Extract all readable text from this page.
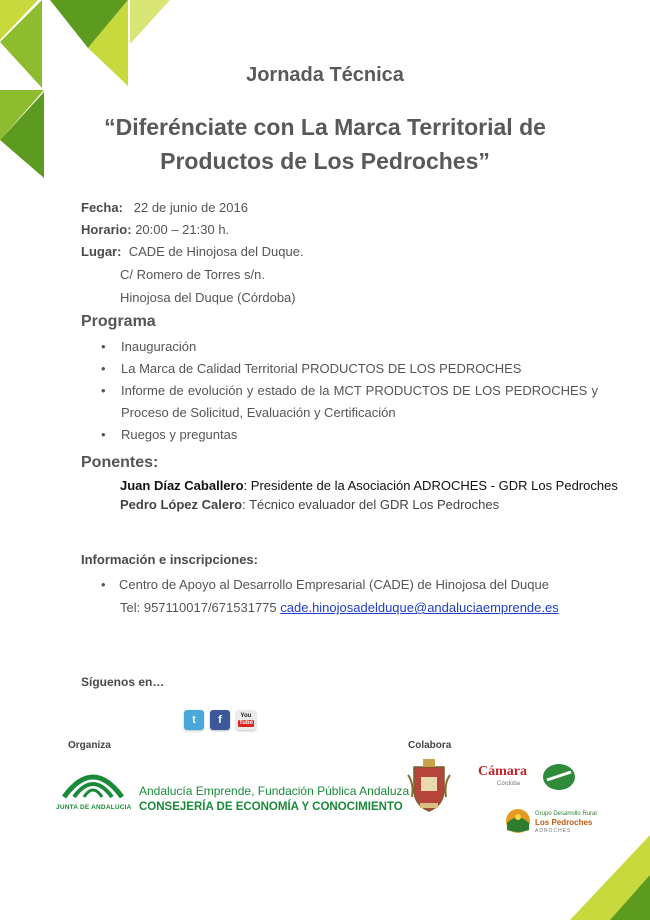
Jornada Técnica
“Diferénciate con La Marca Territorial de
Productos de Los Pedroches”
Fecha: 22 de junio de 2016
Horario: 20:00 – 21:30 h.
Lugar: CADE de Hinojosa del Duque.
C/ Romero de Torres s/n.
Hinojosa del Duque (Córdoba)
Programa
• Inauguración
• La Marca de Calidad Territorial PRODUCTOS DE LOS PEDROCHES
• Informe de evolución y estado de la MCT PRODUCTOS DE LOS PEDROCHES y
Proceso de Solicitud, Evaluación y Certificación
• Ruegos y preguntas
Ponentes:
Juan Díaz Caballero: Presidente de la Asociación ADROCHES - GDR Los Pedroches
Pedro López Calero: Técnico evaluador del GDR Los Pedroches
Información e inscripciones:
• Centro de Apoyo al Desarrollo Empresarial (CADE) de Hinojosa del Duque
Tel: 957110017/671531775 cade.hinojosadelduque@andaluciaemprende.es
Síguenos en…
t	f	You
Tube
Organiza
JUNTA DE ANDALUCIA
Andalucía Emprende, Fundación Pública Andaluza
CONSEJERÍA DE ECONOMÍA Y CONOCIMIENTO
Colabora
Cámara
Córdoba
Grupo Desarrollo Rural
Los Pedroches
ADROCHES
